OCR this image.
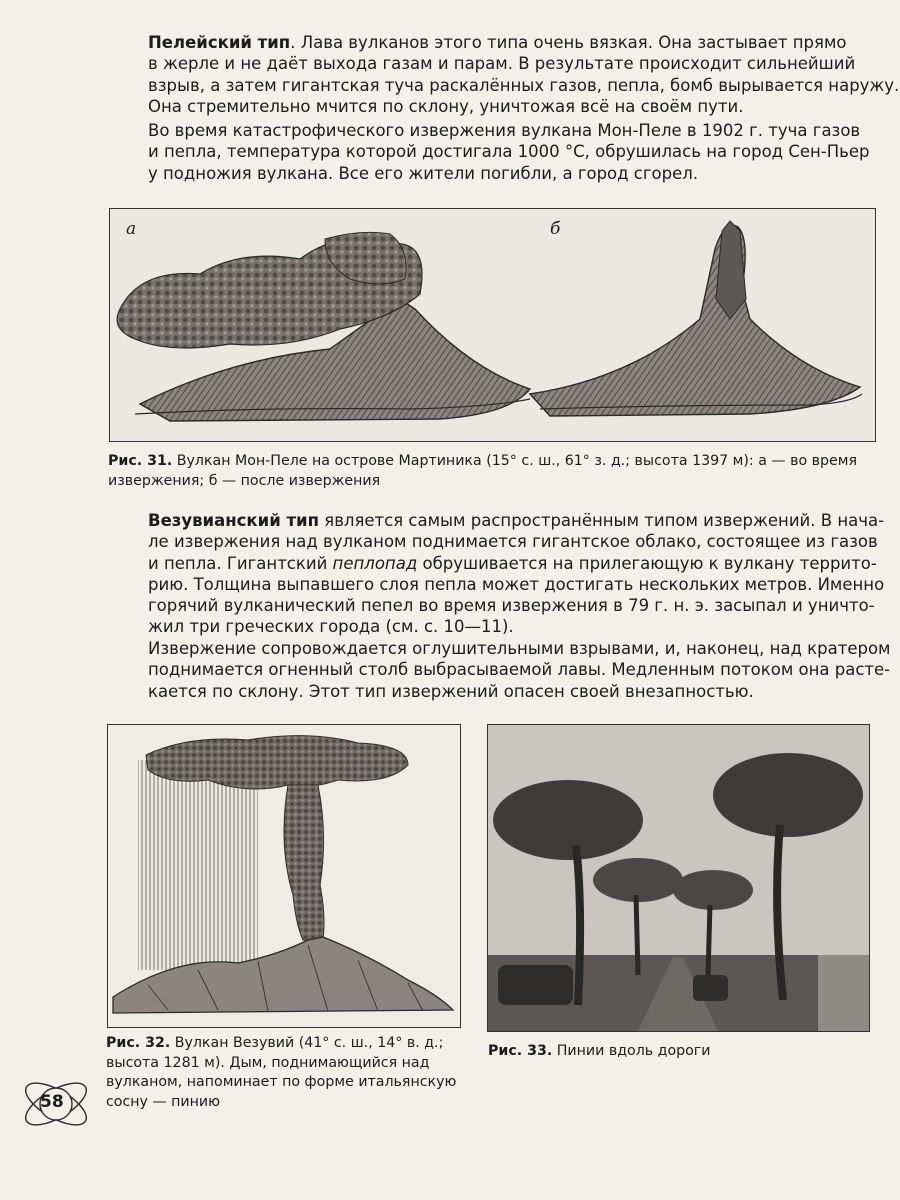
Пелейский тип. Лава вулканов этого типа очень вязкая. Она застывает прямо
в жерле и не даёт выхода газам и парам. В результате происходит сильнейший
взрыв, а затем гигантская туча раскалённых газов, пепла, бомб вырывается наружу.
Она стремительно мчится по склону, уничтожая всё на своём пути.
Во время катастрофического извержения вулкана Мон-Пеле в 1902 г. туча газов
и пепла, температура которой достигала 1000 °С, обрушилась на город Сен-Пьер
у подножия вулкана. Все его жители погибли, а город сгорел.
а	б
Рис. 31. Вулкан Мон-Пеле на острове Мартиника (15° с. ш., 61° з. д.; высота 1397 м): а — во время
извержения; б — после извержения
Везувианский тип является самым распространённым типом извержений. В нача-
ле извержения над вулканом поднимается гигантское облако, состоящее из газов
и пепла. Гигантский пеплопад обрушивается на прилегающую к вулкану террито-
рию. Толщина выпавшего слоя пепла может достигать нескольких метров. Именно
горячий вулканический пепел во время извержения в 79 г. н. э. засыпал и уничто-
жил три греческих города (см. с. 10—11).
Извержение сопровождается оглушительными взрывами, и, наконец, над кратером
поднимается огненный столб выбрасываемой лавы. Медленным потоком она расте-
кается по склону. Этот тип извержений опасен своей внезапностью.
Рис. 32. Вулкан Везувий (41° с. ш., 14° в. д.;
высота 1281 м). Дым, поднимающийся над
вулканом, напоминает по форме итальянскую
сосну — пинию
Рис. 33. Пинии вдоль дороги
58
